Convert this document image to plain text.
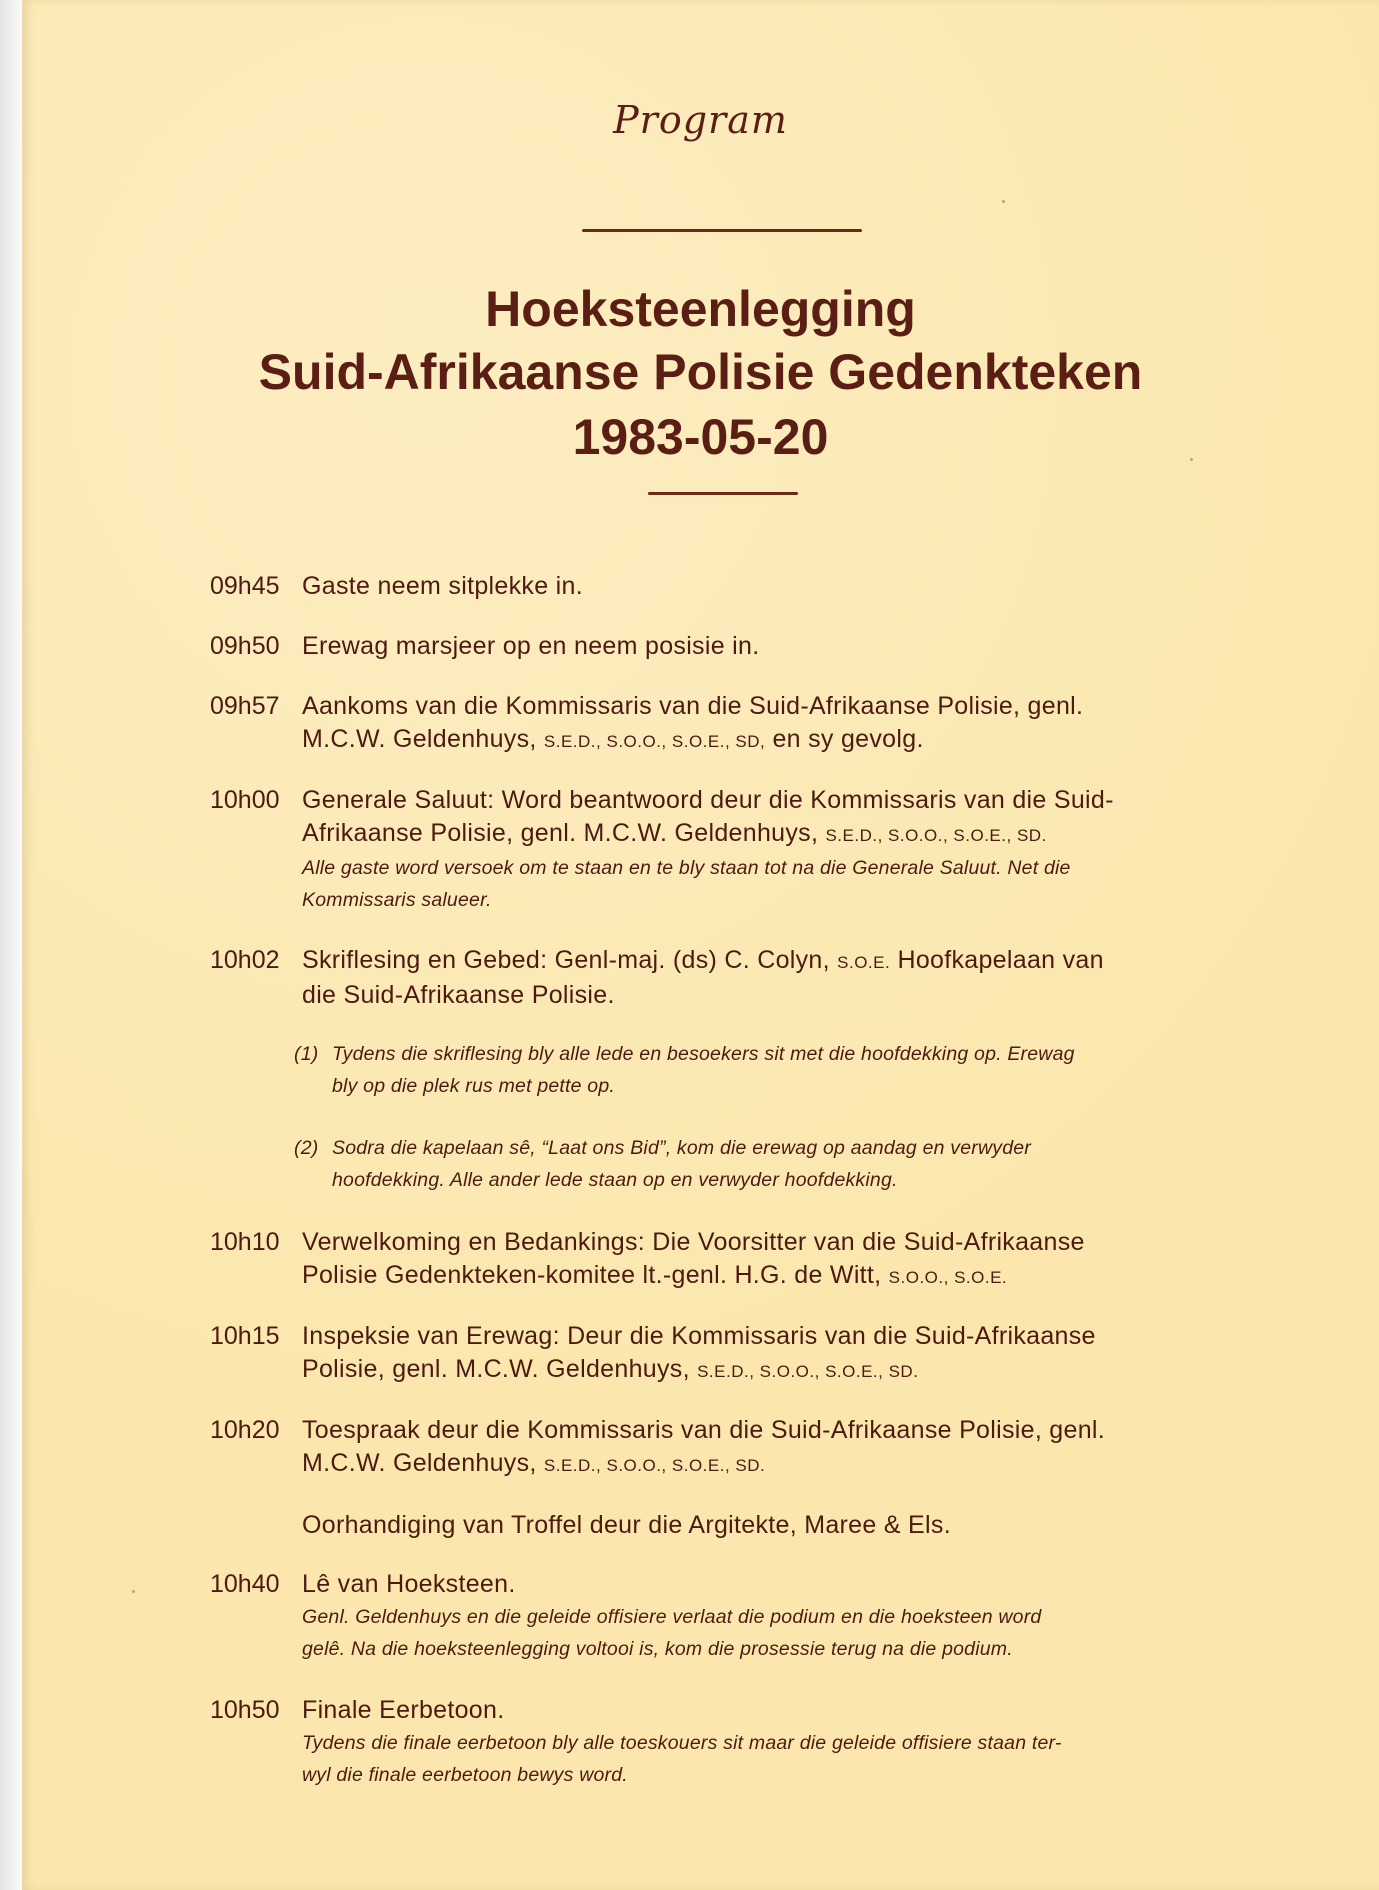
Program
Hoeksteenlegging
Suid-Afrikaanse Polisie Gedenkteken
1983-05-20
09h45 Gaste neem sitplekke in.
09h50 Erewag marsjeer op en neem posisie in.
09h57 Aankoms van die Kommissaris van die Suid-Afrikaanse Polisie, genl.
M.C.W. Geldenhuys, S.E.D., S.O.O., S.O.E., SD, en sy gevolg.
10h00 Generale Saluut: Word beantwoord deur die Kommissaris van die Suid-
Afrikaanse Polisie, genl. M.C.W. Geldenhuys, S.E.D., S.O.O., S.O.E., SD.
Alle gaste word versoek om te staan en te bly staan tot na die Generale Saluut. Net die
Kommissaris salueer.
10h02 Skriflesing en Gebed: Genl-maj. (ds) C. Colyn, S.O.E. Hoofkapelaan van
die Suid-Afrikaanse Polisie.
(1) Tydens die skriflesing bly alle lede en besoekers sit met die hoofdekking op. Erewag
bly op die plek rus met pette op.
(2) Sodra die kapelaan sê, “Laat ons Bid”, kom die erewag op aandag en verwyder
hoofdekking. Alle ander lede staan op en verwyder hoofdekking.
10h10 Verwelkoming en Bedankings: Die Voorsitter van die Suid-Afrikaanse
Polisie Gedenkteken-komitee lt.-genl. H.G. de Witt, S.O.O., S.O.E.
10h15 Inspeksie van Erewag: Deur die Kommissaris van die Suid-Afrikaanse
Polisie, genl. M.C.W. Geldenhuys, S.E.D., S.O.O., S.O.E., SD.
10h20 Toespraak deur die Kommissaris van die Suid-Afrikaanse Polisie, genl.
M.C.W. Geldenhuys, S.E.D., S.O.O., S.O.E., SD.
Oorhandiging van Troffel deur die Argitekte, Maree & Els.
10h40 Lê van Hoeksteen.
Genl. Geldenhuys en die geleide offisiere verlaat die podium en die hoeksteen word
gelê. Na die hoeksteenlegging voltooi is, kom die prosessie terug na die podium.
10h50 Finale Eerbetoon.
Tydens die finale eerbetoon bly alle toeskouers sit maar die geleide offisiere staan ter-
wyl die finale eerbetoon bewys word.
